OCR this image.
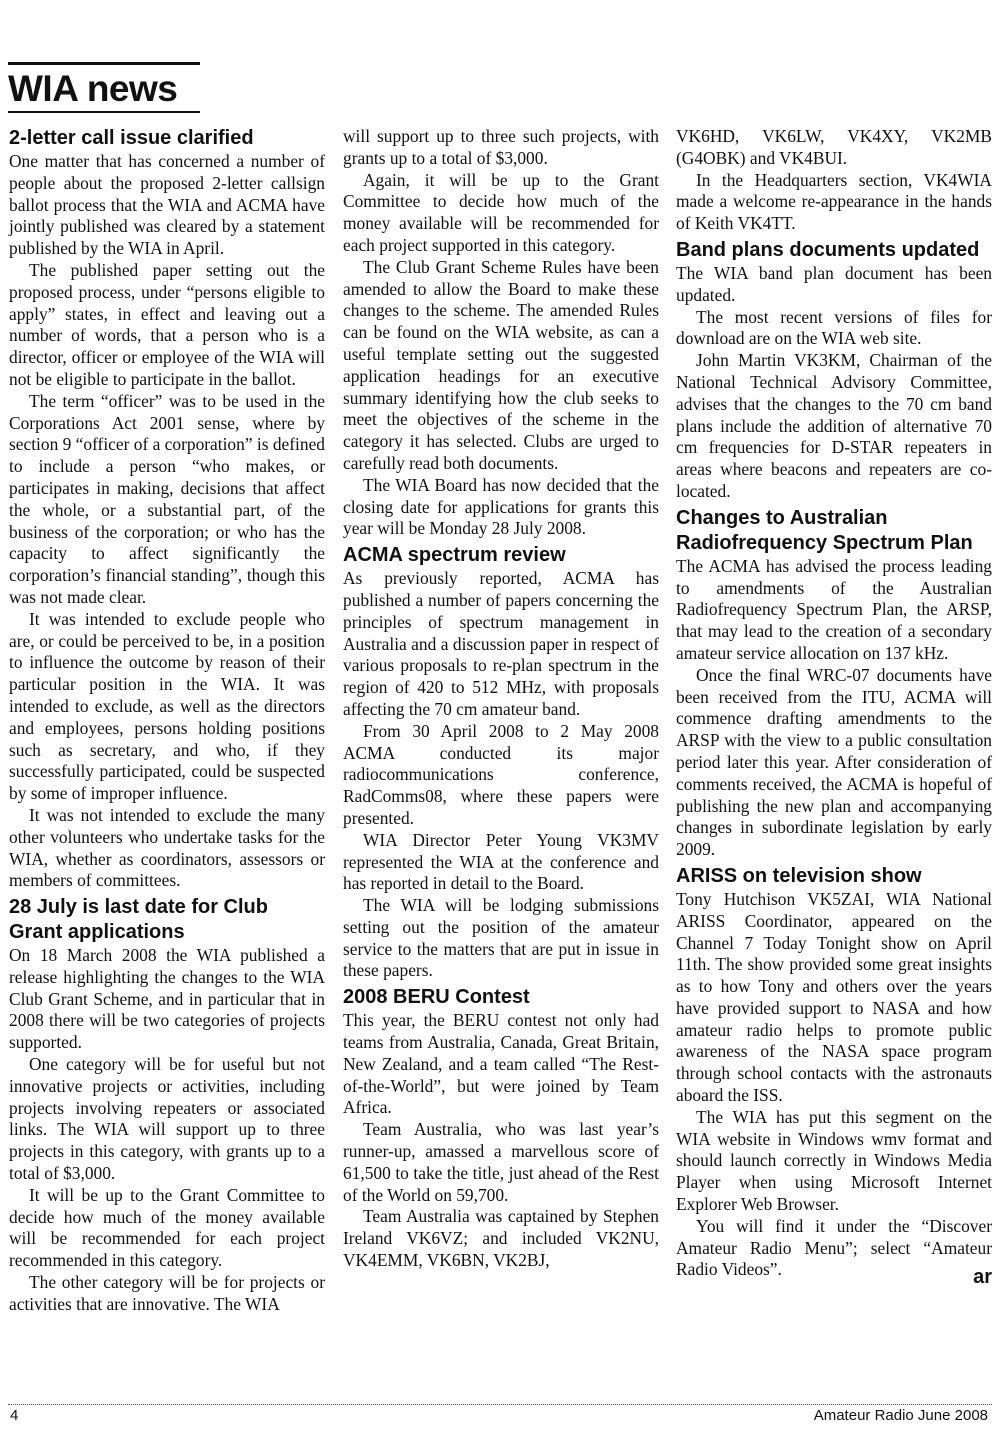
WIA news
2-letter call issue clarified

One matter that has concerned a number of people about the proposed 2-letter callsign ballot process that the WIA and ACMA have jointly published was cleared by a statement published by the WIA in April.

The published paper setting out the proposed process, under “persons eligible to apply” states, in effect and leaving out a number of words, that a person who is a director, officer or employee of the WIA will not be eligible to participate in the ballot.

The term “officer” was to be used in the Corporations Act 2001 sense, where by section 9 “officer of a corporation” is defined to include a person “who makes, or participates in making, decisions that affect the whole, or a substantial part, of the business of the corporation; or who has the capacity to affect significantly the corporation’s financial standing”, though this was not made clear.

It was intended to exclude people who are, or could be perceived to be, in a position to influence the outcome by reason of their particular position in the WIA. It was intended to exclude, as well as the directors and employees, persons holding positions such as secretary, and who, if they successfully participated, could be suspected by some of improper influence.

It was not intended to exclude the many other volunteers who undertake tasks for the WIA, whether as coordinators, assessors or members of committees.

28 July is last date for Club Grant applications

On 18 March 2008 the WIA published a release highlighting the changes to the WIA Club Grant Scheme, and in particular that in 2008 there will be two categories of projects supported.

One category will be for useful but not innovative projects or activities, including projects involving repeaters or associated links. The WIA will support up to three projects in this category, with grants up to a total of $3,000.

It will be up to the Grant Committee to decide how much of the money available will be recommended for each project recommended in this category.

The other category will be for projects or activities that are innovative. The WIA

will support up to three such projects, with grants up to a total of $3,000.

Again, it will be up to the Grant Committee to decide how much of the money available will be recommended for each project supported in this category.

The Club Grant Scheme Rules have been amended to allow the Board to make these changes to the scheme. The amended Rules can be found on the WIA website, as can a useful template setting out the suggested application headings for an executive summary identifying how the club seeks to meet the objectives of the scheme in the category it has selected. Clubs are urged to carefully read both documents.

The WIA Board has now decided that the closing date for applications for grants this year will be Monday 28 July 2008.

ACMA spectrum review

As previously reported, ACMA has published a number of papers concerning the principles of spectrum management in Australia and a discussion paper in respect of various proposals to re-plan spectrum in the region of 420 to 512 MHz, with proposals affecting the 70 cm amateur band.

From 30 April 2008 to 2 May 2008 ACMA conducted its major radiocommunications conference, RadComms08, where these papers were presented.

WIA Director Peter Young VK3MV represented the WIA at the conference and has reported in detail to the Board.

The WIA will be lodging submissions setting out the position of the amateur service to the matters that are put in issue in these papers.

2008 BERU Contest

This year, the BERU contest not only had teams from Australia, Canada, Great Britain, New Zealand, and a team called “The Rest-of-the-World”, but were joined by Team Africa.

Team Australia, who was last year’s runner-up, amassed a marvellous score of 61,500 to take the title, just ahead of the Rest of the World on 59,700.

Team Australia was captained by Stephen Ireland VK6VZ; and included VK2NU, VK4EMM, VK6BN, VK2BJ,

VK6HD, VK6LW, VK4XY, VK2MB (G4OBK) and VK4BUI.

In the Headquarters section, VK4WIA made a welcome re-appearance in the hands of Keith VK4TT.

Band plans documents updated

The WIA band plan document has been updated.

The most recent versions of files for download are on the WIA web site.

John Martin VK3KM, Chairman of the National Technical Advisory Committee, advises that the changes to the 70 cm band plans include the addition of alternative 70 cm frequencies for D-STAR repeaters in areas where beacons and repeaters are co-located.

Changes to Australian Radiofrequency Spectrum Plan

The ACMA has advised the process leading to amendments of the Australian Radiofrequency Spectrum Plan, the ARSP, that may lead to the creation of a secondary amateur service allocation on 137 kHz.

Once the final WRC-07 documents have been received from the ITU, ACMA will commence drafting amendments to the ARSP with the view to a public consultation period later this year. After consideration of comments received, the ACMA is hopeful of publishing the new plan and accompanying changes in subordinate legislation by early 2009.

ARISS on television show

Tony Hutchison VK5ZAI, WIA National ARISS Coordinator, appeared on the Channel 7 Today Tonight show on April 11th. The show provided some great insights as to how Tony and others over the years have provided support to NASA and how amateur radio helps to promote public awareness of the NASA space program through school contacts with the astronauts aboard the ISS.

The WIA has put this segment on the WIA website in Windows wmv format and should launch correctly in Windows Media Player when using Microsoft Internet Explorer Web Browser.

You will find it under the “Discover Amateur Radio Menu”; select “Amateur Radio Videos”.	ar
4	Amateur Radio June 2008
